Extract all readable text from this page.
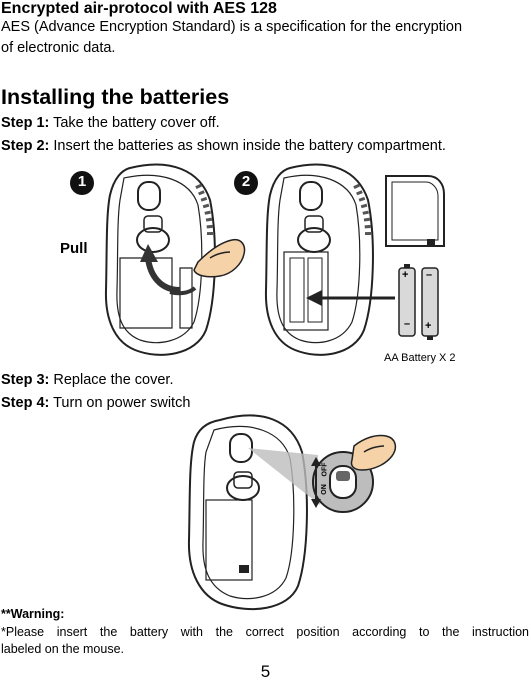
Encrypted air-protocol with AES 128
AES (Advance Encryption Standard) is a specification for the encryption
of electronic data.
Installing the batteries
Step 1: Take the battery cover off.
Step 2: Insert the batteries as shown inside the battery compartment.
1	2
Pull
+
–
–
+
AA Battery X 2
ON
OFF
Step 3: Replace the cover.
Step 4: Turn on power switch
**Warning:
*Please insert the battery with the correct position according to the instruction
labeled on the mouse.
5
